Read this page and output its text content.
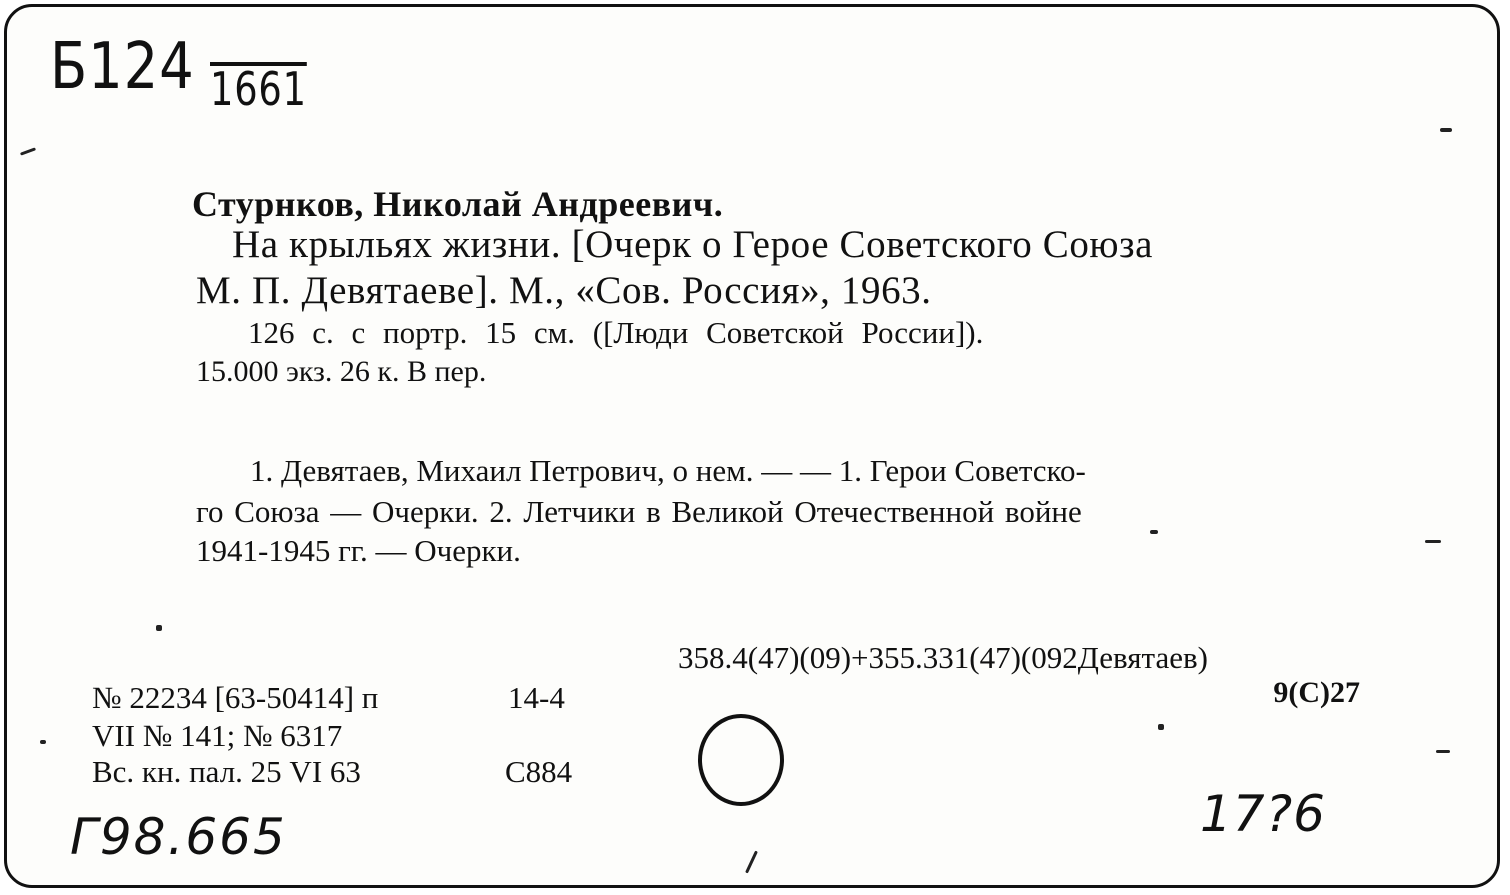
Б124 1661
Стурнков, Николай Андреевич.
На крыльях жизни. [Очерк о Герое Советского Союза
М. П. Девятаеве]. М., «Сов. Россия», 1963.
126 с. с портр. 15 см. ([Люди Советской России]).
15.000 экз. 26 к. В пер.
1. Девятаев, Михаил Петрович, о нем. — — 1. Герои Советско-
го Союза — Очерки. 2. Летчики в Великой Отечественной войне
1941-1945 гг. — Очерки.
358.4(47)(09)+355.331(47)(092Девятаев)
9(С)27
№ 22234 [63-50414] п
VII № 141; № 6317
Вс. кн. пал. 25 VI 63
14-4
С884
Г98.665	17?6
